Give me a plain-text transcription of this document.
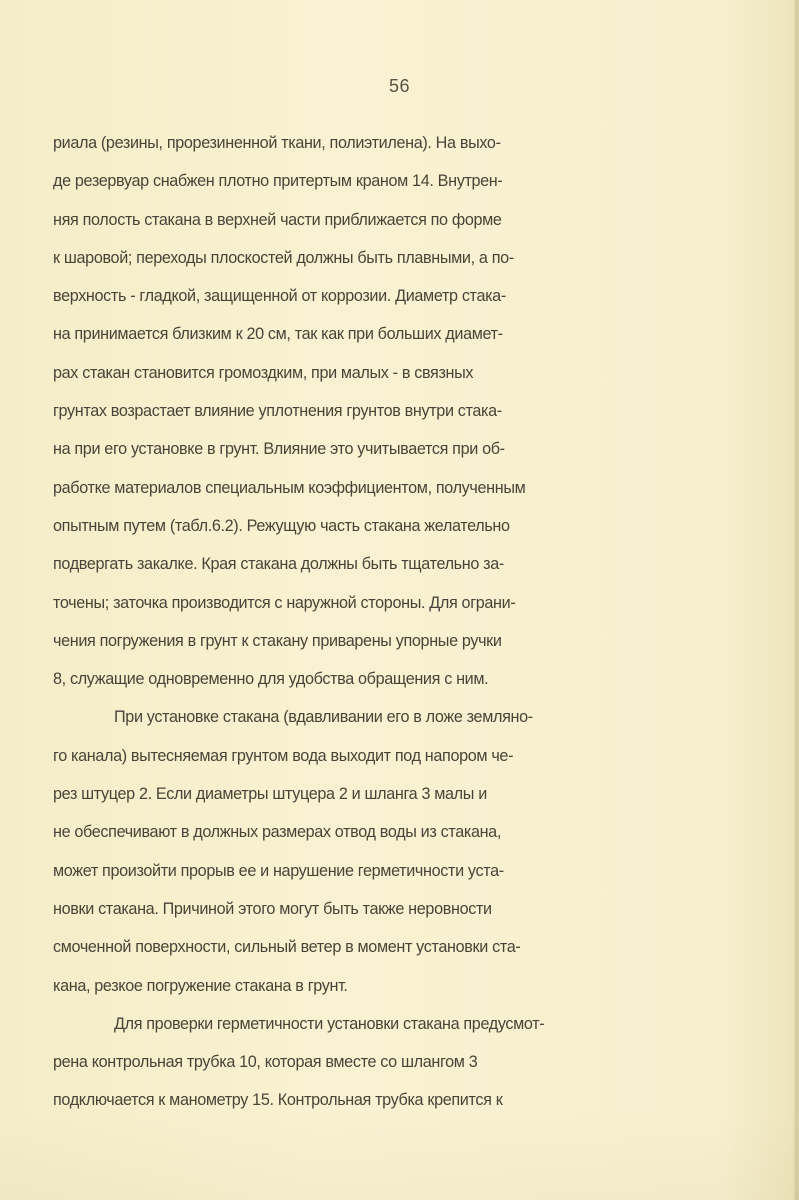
56
риала (резины, прорезиненной ткани, полиэтилена). На выхо-
де резервуар снабжен плотно притертым краном 14. Внутрен-
няя полость стакана в верхней части приближается по форме
к шаровой; переходы плоскостей должны быть плавными, а по-
верхность - гладкой, защищенной от коррозии. Диаметр стака-
на принимается близким к 20 см, так как при больших диамет-
рах стакан становится громоздким, при малых - в связных
грунтах возрастает влияние уплотнения грунтов внутри стака-
на при его установке в грунт. Влияние это учитывается при об-
работке материалов специальным коэффициентом, полученным
опытным путем (табл.6.2). Режущую часть стакана желательно
подвергать закалке. Края стакана должны быть тщательно за-
точены; заточка производится с наружной стороны. Для ограни-
чения погружения в грунт к стакану приварены упорные ручки
8, служащие одновременно для удобства обращения с ним.
При установке стакана (вдавливании его в ложе земляно-
го канала) вытесняемая грунтом вода выходит под напором че-
рез штуцер 2. Если диаметры штуцера 2 и шланга 3 малы и
не обеспечивают в должных размерах отвод воды из стакана,
может произойти прорыв ее и нарушение герметичности уста-
новки стакана. Причиной этого могут быть также неровности
смоченной поверхности, сильный ветер в момент установки ста-
кана, резкое погружение стакана в грунт.
Для проверки герметичности установки стакана предусмот-
рена контрольная трубка 10, которая вместе со шлангом 3
подключается к манометру 15. Контрольная трубка крепится к
